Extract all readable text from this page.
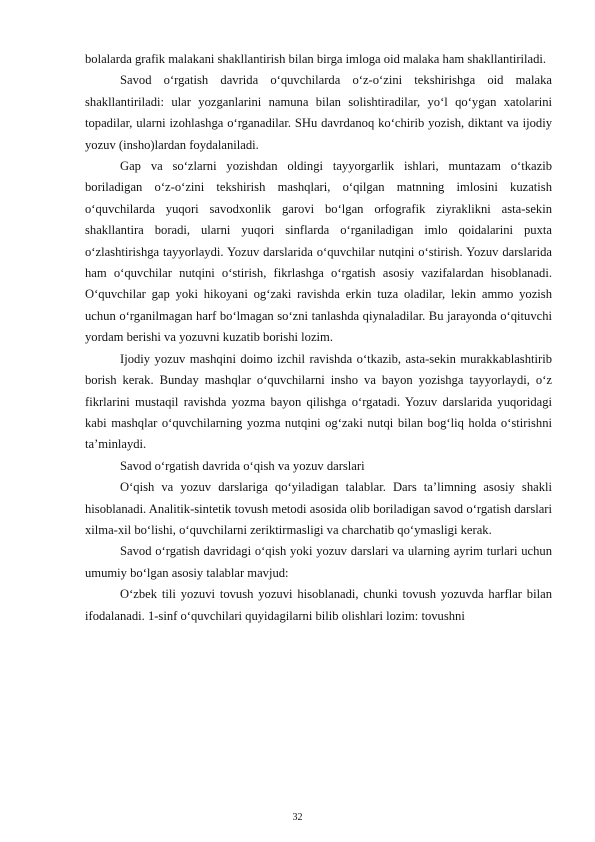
bolalarda grafik malakani shakllantirish bilan birga imloga oid malaka ham shakllantiriladi.

Savod o‘rgatish davrida o‘quvchilarda o‘z-o‘zini tekshirishga oid malaka shakllantiriladi: ular yozganlarini namuna bilan solishtiradilar, yo‘l qo‘ygan xatolarini topadilar, ularni izohlashga o‘rganadilar. SHu davrdanoq ko‘chirib yozish, diktant va ijodiy yozuv (insho)lardan foydalaniladi.

Gap va so‘zlarni yozishdan oldingi tayyorgarlik ishlari, muntazam o‘tkazib boriladigan o‘z-o‘zini tekshirish mashqlari, o‘qilgan matnning imlosini kuzatish o‘quvchilarda yuqori savodxonlik garovi bo‘lgan orfografik ziyraklikni asta-sekin shakllantira boradi, ularni yuqori sinflarda o‘rganiladigan imlo qoidalarini puxta o‘zlashtirishga tayyorlaydi. Yozuv darslarida o‘quvchilar nutqini o‘stirish. Yozuv darslarida ham o‘quvchilar nutqini o‘stirish, fikrlashga o‘rgatish asosiy vazifalardan hisoblanadi. O‘quvchilar gap yoki hikoyani og‘zaki ravishda erkin tuza oladilar, lekin ammo yozish uchun o‘rganilmagan harf bo‘lmagan so‘zni tanlashda qiynaladilar. Bu jarayonda o‘qituvchi yordam berishi va yozuvni kuzatib borishi lozim.

Ijodiy yozuv mashqini doimo izchil ravishda o‘tkazib, asta-sekin murakkablashtirib borish kerak. Bunday mashqlar o‘quvchilarni insho va bayon yozishga tayyorlaydi, o‘z fikrlarini mustaqil ravishda yozma bayon qilishga o‘rgatadi. Yozuv darslarida yuqoridagi kabi mashqlar o‘quvchilarning yozma nutqini og‘zaki nutqi bilan bog‘liq holda o‘stirishni ta’minlaydi.

Savod o‘rgatish davrida o‘qish va yozuv darslari

O‘qish va yozuv darslariga qo‘yiladigan talablar. Dars ta’limning asosiy shakli hisoblanadi. Analitik-sintetik tovush metodi asosida olib boriladigan savod o‘rgatish darslari xilma-xil bo‘lishi, o‘quvchilarni zeriktirmasligi va charchatib qo‘ymasligi kerak.

Savod o‘rgatish davridagi o‘qish yoki yozuv darslari va ularning ayrim turlari uchun umumiy bo‘lgan asosiy talablar mavjud:

O‘zbek tili yozuvi tovush yozuvi hisoblanadi, chunki tovush yozuvda harflar bilan ifodalanadi. 1-sinf o‘quvchilari quyidagilarni bilib olishlari lozim: tovushni

32
